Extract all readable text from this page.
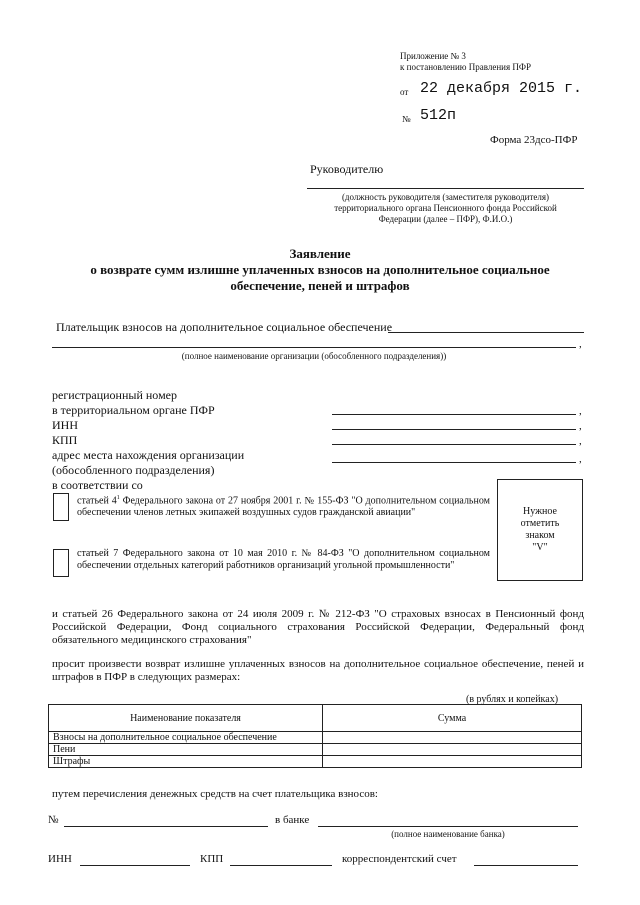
Приложение № 3
к постановлению Правления ПФР
от 22 декабря 2015 г.
№ 512п
Форма 23дсо-ПФР
Руководителю
(должность руководителя (заместителя руководителя)
территориального органа Пенсионного фонда Российской
Федерации (далее – ПФР), Ф.И.О.)
Заявление
о возврате сумм излишне уплаченных взносов на дополнительное социальное
обеспечение, пеней и штрафов
Плательщик взносов на дополнительное социальное обеспечение
,
(полное наименование организации (обособленного подразделения))
регистрационный номер
в территориальном органе ПФР	,
ИНН	,
КПП	,
адрес места нахождения организации
(обособленного подразделения)
,
в соответствии со
статьей $4^1$ Федерального закона от 27 ноября 2001 г. № 155-ФЗ "О дополнительном социальном обеспечении членов летных экипажей воздушных судов гражданской авиации"
статьей 7 Федерального закона от 10 мая 2010 г. № 84-ФЗ "О дополнительном социальном обеспечении отдельных категорий работников организаций угольной промышленности"
Нужное
отметить
знаком
"V"
и статьей 26 Федерального закона от 24 июля 2009 г. № 212-ФЗ "О страховых взносах в Пенсионный фонд Российской Федерации, Фонд социального страхования Российской Федерации, Федеральный фонд обязательного медицинского страхования"
просит произвести возврат излишне уплаченных взносов на дополнительное социальное обеспечение, пеней и штрафов в ПФР в следующих размерах:
(в рублях и копейках)
Наименование показателя	Сумма
Взносы на дополнительное социальное обеспечение	
Пени	
Штрафы	
путем перечисления денежных средств на счет плательщика взносов:
№	в банке
(полное наименование банка)
ИНН	КПП	корреспондентский счет
